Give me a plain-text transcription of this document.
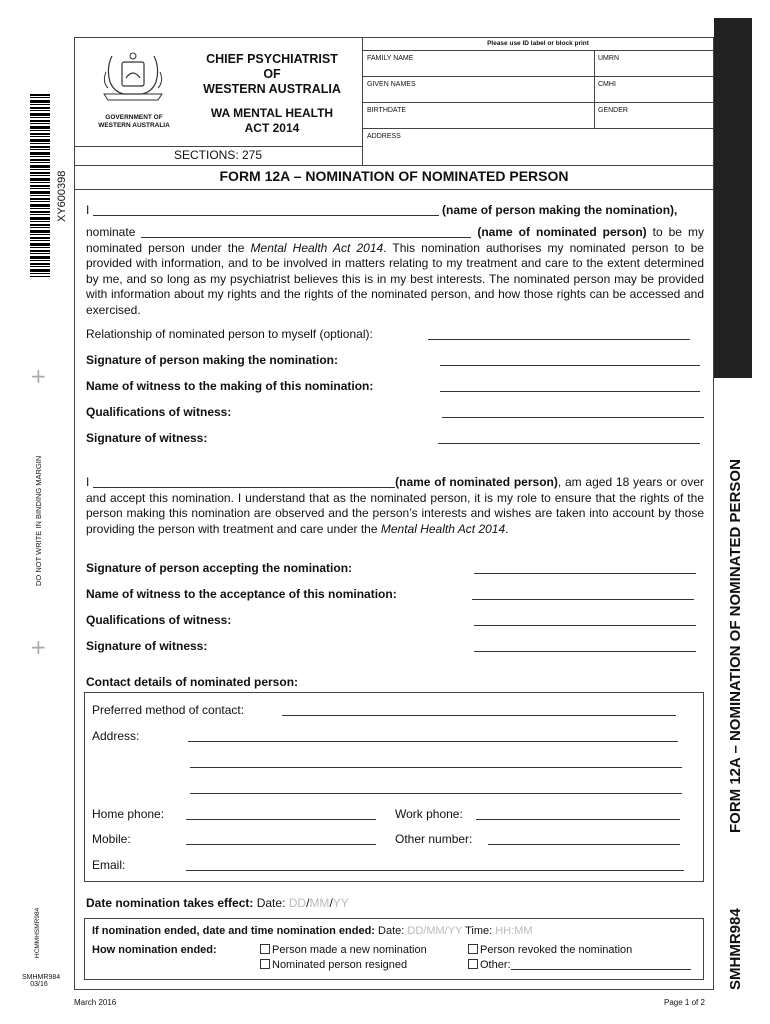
XY600398
+
DO NOT WRITE IN BINDING MARGIN
+
HCMMHSMR984
SMHMR984
03/16
FORM 12A – NOMINATION OF NOMINATED PERSON
SMHMR984
GOVERNMENT OF
WESTERN AUSTRALIA
CHIEF PSYCHIATRIST
OF
WESTERN AUSTRALIA
WA MENTAL HEALTH
ACT 2014
SECTIONS: 275
Please use ID label or block print
FAMILY NAME	UMRN
GIVEN NAMES	CMHI
BIRTHDATE	GENDER
ADDRESS
FORM 12A – NOMINATION OF NOMINATED PERSON
I	(name of person making the nomination),
nominate	(name of nominated person) to be my nominated person under the Mental Health Act 2014. This nomination authorises my nominated person to be provided with information, and to be involved in matters relating to my treatment and care to the extent determined by me, and so long as my psychiatrist believes this is in my best interests. The nominated person may be provided with information about my rights and the rights of the nominated person, and how those rights can be accessed and exercised.
Relationship of nominated person to myself (optional):
Signature of person making the nomination:
Name of witness to the making of this nomination:
Qualifications of witness:
Signature of witness:
I	(name of nominated person), am aged 18 years or over and accept this nomination. I understand that as the nominated person, it is my role to ensure that the rights of the person making this nomination are observed and the person’s interests and wishes are taken into account by those providing the person with treatment and care under the Mental Health Act 2014.
Signature of person accepting the nomination:
Name of witness to the acceptance of this nomination:
Qualifications of witness:
Signature of witness:
Contact details of nominated person:
Preferred method of contact:
Address:
Home phone:	Work phone:
Mobile:	Other number:
Email:
Date nomination takes effect: Date: DD/MM/YY
If nomination ended, date and time nomination ended: Date: DD/MM/YY Time: HH:MM
How nomination ended:	Person made a new nomination	Person revoked the nomination
Nominated person resigned	Other:
March 2016	Page 1 of 2
